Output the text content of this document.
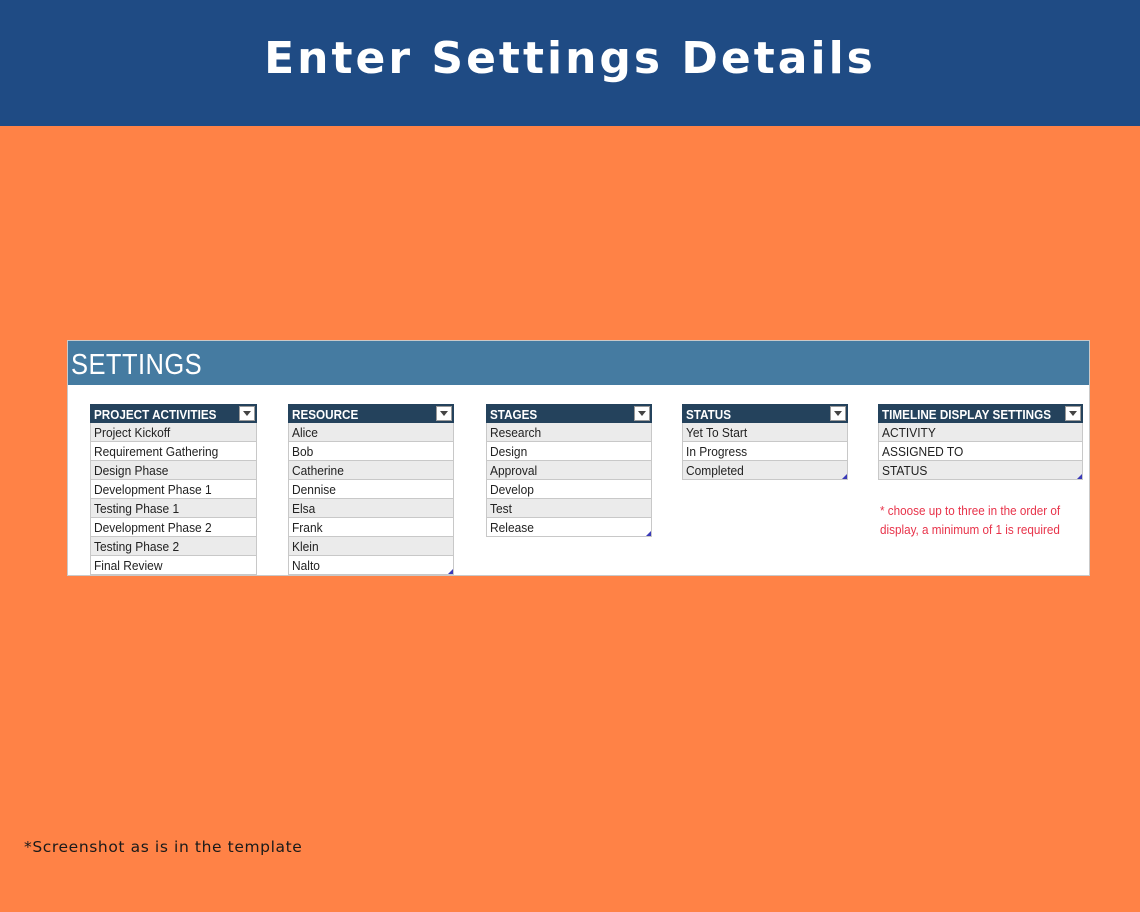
Enter Settings Details
SETTINGS
PROJECT ACTIVITIES
Project Kickoff
Requirement Gathering
Design Phase
Development Phase 1
Testing Phase 1
Development Phase 2
Testing Phase 2
Final Review
RESOURCE
Alice
Bob
Catherine
Dennise
Elsa
Frank
Klein
Nalto
STAGES
Research
Design
Approval
Develop
Test
Release
STATUS
Yet To Start
In Progress
Completed
TIMELINE DISPLAY SETTINGS
ACTIVITY
ASSIGNED TO
STATUS
* choose up to three in the order of
display, a minimum of 1 is required
*Screenshot as is in the template
